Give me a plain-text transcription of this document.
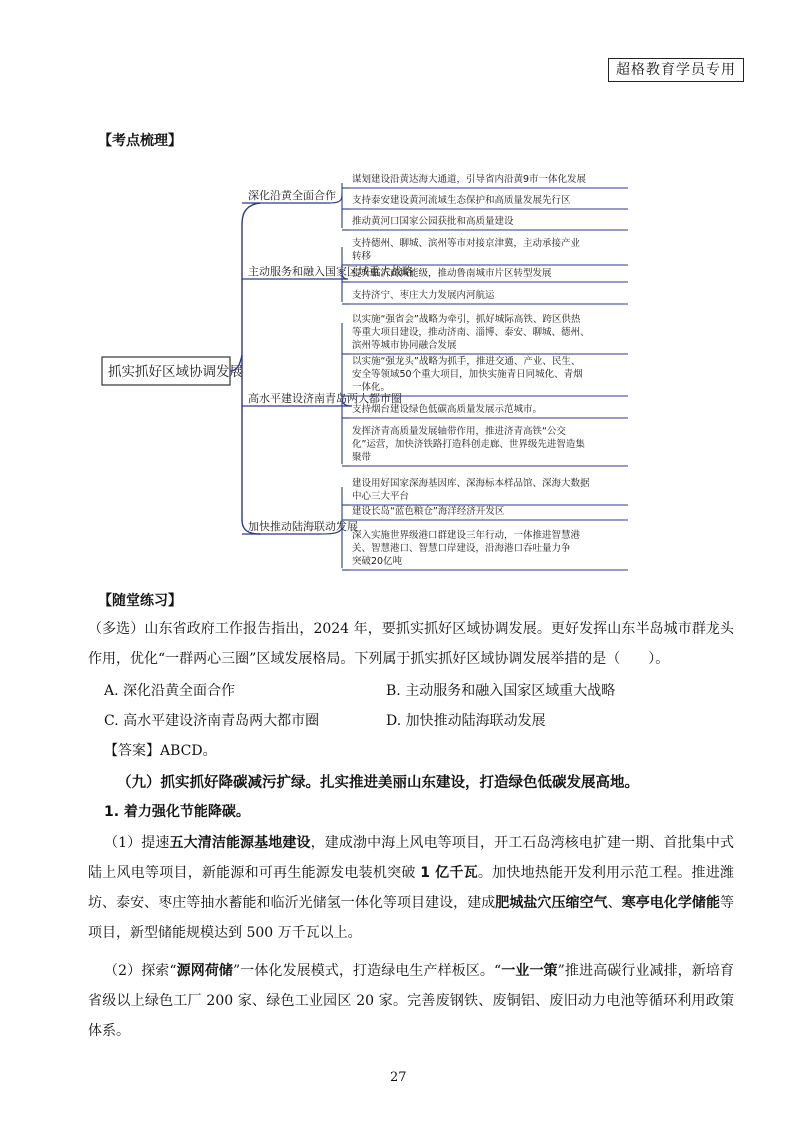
超格教育学员专用
【考点梳理】
抓实抓好区域协调发展
深化沿黄全面合作
谋划建设沿黄达海大通道，引导省内沿黄9市一体化发展
支持泰安建设黄河流域生态保护和高质量发展先行区
推动黄河口国家公园获批和高质量建设
主动服务和融入国家区域重大战略
支持德州、聊城、滨州等市对接京津冀，主动承接产业
转移
提升临沂商城能级，推动鲁南城市片区转型发展
支持济宁、枣庄大力发展内河航运
高水平建设济南青岛两大都市圈
以实施“强省会”战略为牵引，抓好城际高铁、跨区供热
等重大项目建设，推动济南、淄博、泰安、聊城、德州、
滨州等城市协同融合发展
以实施“强龙头”战略为抓手，推进交通、产业、民生、
安全等领域50个重大项目，加快实施青日同城化、青烟
一体化。
支持烟台建设绿色低碳高质量发展示范城市。
发挥济青高质量发展轴带作用，推进济青高铁“公交
化”运营，加快济铁路打造科创走廊、世界级先进智造集
聚带
加快推动陆海联动发展
建设用好国家深海基因库、深海标本样品馆、深海大数据
中心三大平台
建设长岛“蓝色粮仓”海洋经济开发区
深入实施世界级港口群建设三年行动，一体推进智慧港
关、智慧港口、智慧口岸建设，沿海港口吞吐量力争
突破20亿吨
【随堂练习】
（多选）山东省政府工作报告指出，2024 年，要抓实抓好区域协调发展。更好发挥山东半岛城市群龙头作用，优化“一群两心三圈”区域发展格局。下列属于抓实抓好区域协调发展举措的是（　　）。
A. 深化沿黄全面合作	B. 主动服务和融入国家区域重大战略
C. 高水平建设济南青岛两大都市圈	D. 加快推动陆海联动发展
【答案】ABCD。
（九）抓实抓好降碳减污扩绿。扎实推进美丽山东建设，打造绿色低碳发展高地。
1. 着力强化节能降碳。
（1）提速五大清洁能源基地建设，建成渤中海上风电等项目，开工石岛湾核电扩建一期、首批集中式陆上风电等项目，新能源和可再生能源发电装机突破 1 亿千瓦。加快地热能开发利用示范工程。推进潍坊、泰安、枣庄等抽水蓄能和临沂光储氢一体化等项目建设，建成肥城盐穴压缩空气、寒亭电化学储能等项目，新型储能规模达到 500 万千瓦以上。
（2）探索“源网荷储”一体化发展模式，打造绿电生产样板区。“一业一策”推进高碳行业减排，新培育省级以上绿色工厂 200 家、绿色工业园区 20 家。完善废钢铁、废铜铝、废旧动力电池等循环利用政策体系。
27
